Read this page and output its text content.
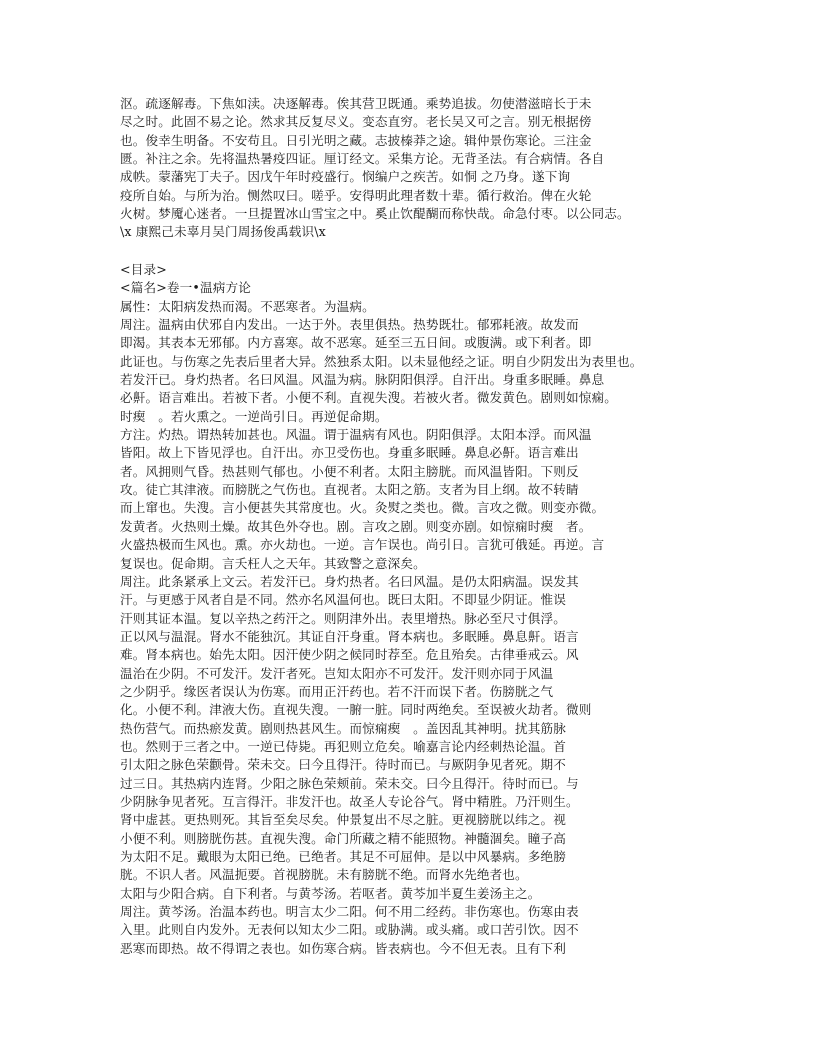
沤。疏逐解毒。下焦如渎。决逐解毒。俟其营卫既通。乘势追拔。勿使潜滋暗长于未
尽之时。此固不易之论。然求其反复尽义。变态直穷。老长吴又可之言。别无根据傍
也。俊幸生明备。不安苟且。日引光明之藏。志披榛莽之途。辑仲景伤寒论。三注金
匮。补注之余。先将温热暑疫四证。厘订经文。采集方论。无背圣法。有合病情。各自
成帙。蒙藩宪丁夫子。因戊午年时疫盛行。悯编户之疾苦。如恫 之乃身。遂下询
疫所自始。与所为治。恻然叹曰。嗟乎。安得明此理者数十辈。循行救治。俾在火轮
火树。梦魇心迷者。一旦提置冰山雪宝之中。奚止饮醍醐而称快哉。命急付枣。以公同志。
\x 康熙己未辜月吴门周扬俊禹载识\x
<目录>
<篇名>卷一•温病方论
属性：太阳病发热而渴。不恶寒者。为温病。
周注。温病由伏邪自内发出。一达于外。表里俱热。热势既壮。郁邪耗液。故发而
即渴。其表本无邪郁。内方喜寒。故不恶寒。延至三五日间。或腹满。或下利者。即
此证也。与伤寒之先表后里者大异。然独系太阳。以未显他经之证。明自少阴发出为表里也。
若发汗已。身灼热者。名曰风温。风温为病。脉阴阳俱浮。自汗出。身重多眠睡。鼻息
必鼾。语言难出。若被下者。小便不利。直视失溲。若被火者。微发黄色。剧则如惊痫。
时瘈　。若火熏之。一逆尚引日。再逆促命期。
方注。灼热。谓热转加甚也。风温。谓于温病有风也。阴阳俱浮。太阳本浮。而风温
皆阳。故上下皆见浮也。自汗出。亦卫受伤也。身重多眠睡。鼻息必鼾。语言难出
者。风拥则气昏。热甚则气郁也。小便不利者。太阳主膀胱。而风温皆阳。下则反
攻。徒亡其津液。而膀胱之气伤也。直视者。太阳之筋。支者为目上纲。故不转睛
而上窜也。失溲。言小便甚失其常度也。火。灸熨之类也。微。言攻之微。则变亦微。
发黄者。火热则土燥。故其色外夺也。剧。言攻之剧。则变亦剧。如惊痫时瘈　者。
火盛热极而生风也。熏。亦火劫也。一逆。言乍误也。尚引日。言犹可俄延。再逆。言
复误也。促命期。言夭枉人之天年。其致警之意深矣。
周注。此条紧承上文云。若发汗已。身灼热者。名曰风温。是仍太阳病温。误发其
汗。与更感于风者自是不同。然亦名风温何也。既曰太阳。不即显少阴证。惟误
汗则其证本温。复以辛热之药汗之。则阴津外出。表里增热。脉必至尺寸俱浮。
正以风与温混。肾水不能独沉。其证自汗身重。肾本病也。多眠睡。鼻息鼾。语言
难。肾本病也。始先太阳。因汗使少阴之候同时荐至。危且殆矣。古律垂戒云。风
温治在少阴。不可发汗。发汗者死。岂知太阳亦不可发汗。发汗则亦同于风温
之少阴乎。缘医者误认为伤寒。而用正汗药也。若不汗而误下者。伤膀胱之气
化。小便不利。津液大伤。直视失溲。一腑一脏。同时两绝矣。至误被火劫者。微则
热伤营气。而热瘀发黄。剧则热甚风生。而惊痫瘈　。盖因乱其神明。扰其筋脉
也。然则于三者之中。一逆已侍毙。再犯则立危矣。喻嘉言论内经刺热论温。首
引太阳之脉色荣颧骨。荣未交。曰今且得汗。待时而已。与厥阴争见者死。期不
过三日。其热病内连肾。少阳之脉色荣颊前。荣未交。曰今且得汗。待时而已。与
少阴脉争见者死。互言得汗。非发汗也。故圣人专论谷气。肾中精胜。乃汗则生。
肾中虚甚。更热则死。其旨至矣尽矣。仲景复出不尽之脏。更视膀胱以纬之。视
小便不利。则膀胱伤甚。直视失溲。命门所藏之精不能照物。神髓涸矣。瞳子高
为太阳不足。戴眼为太阳已绝。已绝者。其足不可屈伸。是以中风暴病。多绝膀
胱。不识人者。风温扼要。首视膀胱。未有膀胱不绝。而肾水先绝者也。
太阳与少阳合病。自下利者。与黄芩汤。若呕者。黄芩加半夏生姜汤主之。
周注。黄芩汤。治温本药也。明言太少二阳。何不用二经药。非伤寒也。伤寒由表
入里。此则自内发外。无表何以知太少二阳。或胁满。或头痛。或口苦引饮。因不
恶寒而即热。故不得谓之表也。如伤寒合病。皆表病也。今不但无表。且有下利
